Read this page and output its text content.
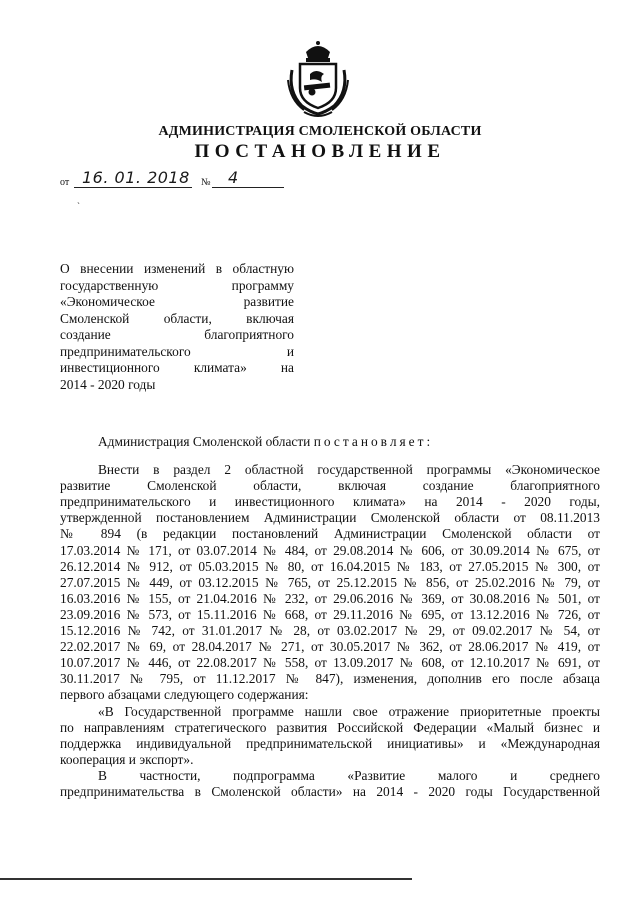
АДМИНИСТРАЦИЯ СМОЛЕНСКОЙ ОБЛАСТИ
ПОСТАНОВЛЕНИЕ
от 16. 01. 2018 № 4
`
О внесении изменений в областную
государственную программу
«Экономическое развитие
Смоленской области, включая
создание благоприятного
предпринимательского и
инвестиционного климата» на
2014 - 2020 годы

Администрация Смоленской области постановляет:

Внести в раздел 2 областной государственной программы «Экономическое
развитие Смоленской области, включая создание благоприятного
предпринимательского и инвестиционного климата» на 2014 - 2020 годы,
утвержденной постановлением Администрации Смоленской области от 08.11.2013
№ 894 (в редакции постановлений Администрации Смоленской области от
17.03.2014 № 171, от 03.07.2014 № 484, от 29.08.2014 № 606, от 30.09.2014 № 675, от
26.12.2014 № 912, от 05.03.2015 № 80, от 16.04.2015 № 183, от 27.05.2015 № 300, от
27.07.2015 № 449, от 03.12.2015 № 765, от 25.12.2015 № 856, от 25.02.2016 № 79, от
16.03.2016 № 155, от 21.04.2016 № 232, от 29.06.2016 № 369, от 30.08.2016 № 501, от
23.09.2016 № 573, от 15.11.2016 № 668, от 29.11.2016 № 695, от 13.12.2016 № 726, от
15.12.2016 № 742, от 31.01.2017 № 28, от 03.02.2017 № 29, от 09.02.2017 № 54, от
22.02.2017 № 69, от 28.04.2017 № 271, от 30.05.2017 № 362, от 28.06.2017 № 419, от
10.07.2017 № 446, от 22.08.2017 № 558, от 13.09.2017 № 608, от 12.10.2017 № 691, от
30.11.2017 № 795, от 11.12.2017 № 847), изменения, дополнив его после абзаца
первого абзацами следующего содержания:
«В Государственной программе нашли свое отражение приоритетные проекты
по направлениям стратегического развития Российской Федерации «Малый бизнес и
поддержка индивидуальной предпринимательской инициативы» и «Международная
кооперация и экспорт».
В частности, подпрограмма «Развитие малого и среднего
предпринимательства в Смоленской области» на 2014 - 2020 годы Государственной
